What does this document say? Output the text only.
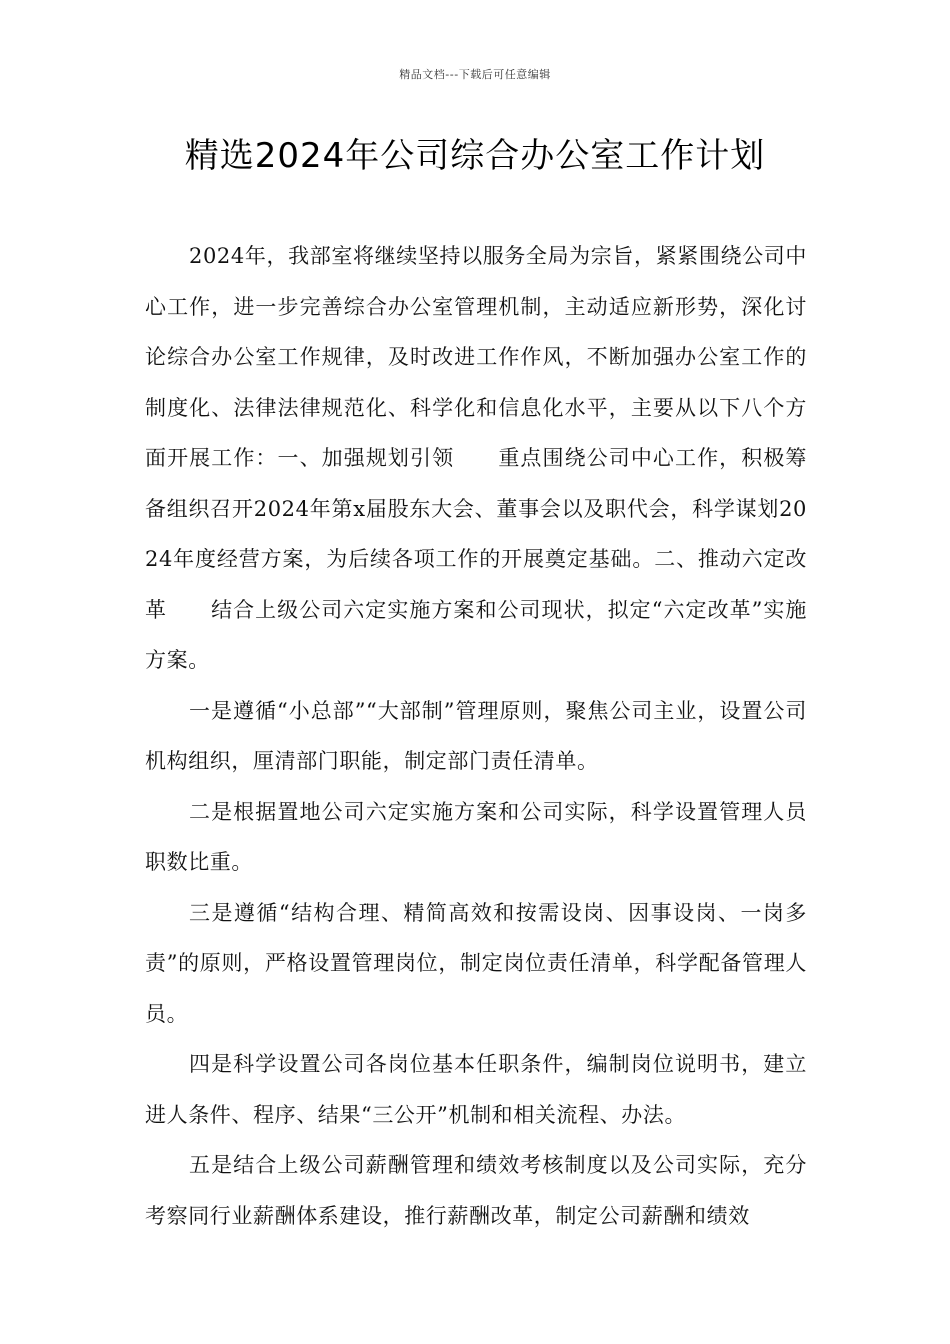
精品文档---下载后可任意编辑
精选2024年公司综合办公室工作计划

2024年，我部室将继续坚持以服务全局为宗旨，紧紧围绕公司中心工作，进一步完善综合办公室管理机制，主动适应新形势，深化讨论综合办公室工作规律，及时改进工作作风，不断加强办公室工作的制度化、法律法律规范化、科学化和信息化水平，主要从以下八个方面开展工作：一、加强规划引领　　重点围绕公司中心工作，积极筹备组织召开2024年第x届股东大会、董事会以及职代会，科学谋划2024年度经营方案，为后续各项工作的开展奠定基础。二、推动六定改革　　结合上级公司六定实施方案和公司现状，拟定“六定改革”实施方案。

一是遵循“小总部”“大部制”管理原则，聚焦公司主业，设置公司机构组织，厘清部门职能，制定部门责任清单。

二是根据置地公司六定实施方案和公司实际，科学设置管理人员职数比重。

三是遵循“结构合理、精简高效和按需设岗、因事设岗、一岗多责”的原则，严格设置管理岗位，制定岗位责任清单，科学配备管理人员。

四是科学设置公司各岗位基本任职条件，编制岗位说明书，建立进人条件、程序、结果“三公开”机制和相关流程、办法。

五是结合上级公司薪酬管理和绩效考核制度以及公司实际，充分考察同行业薪酬体系建设，推行薪酬改革，制定公司薪酬和绩效
